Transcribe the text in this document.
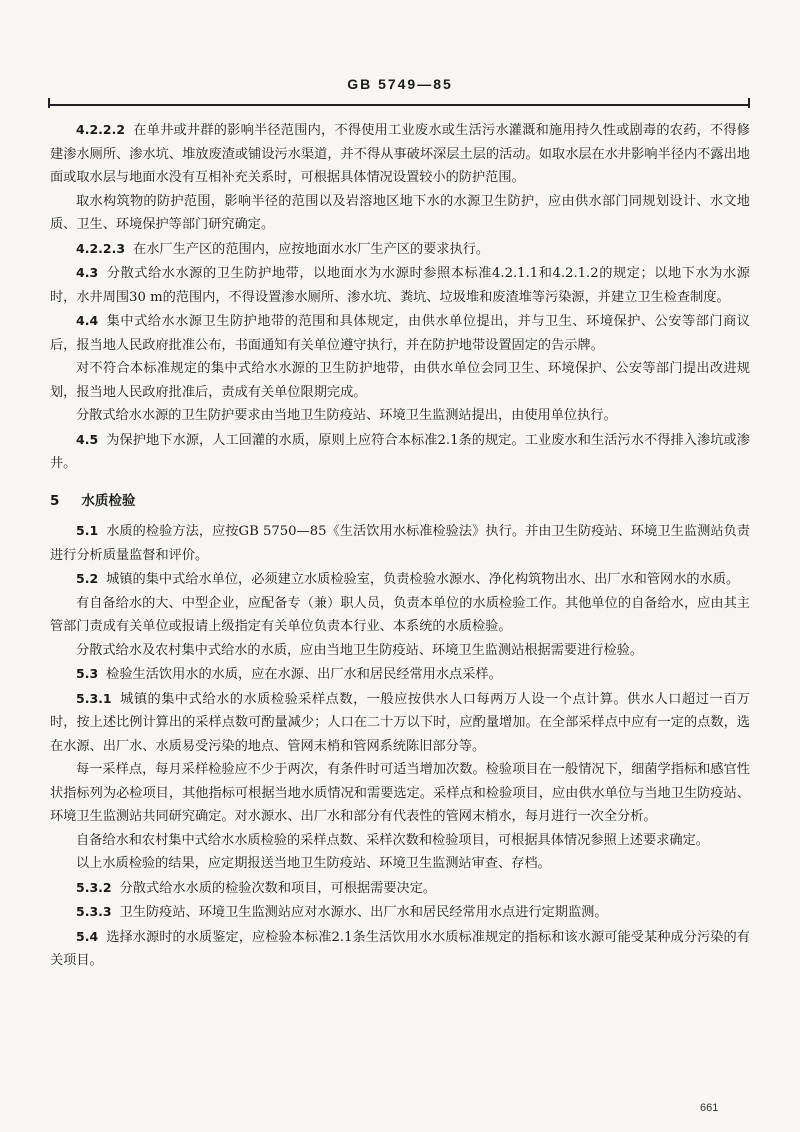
GB 5749—85

4.2.2.2 在单井或井群的影响半径范围内，不得使用工业废水或生活污水灌溉和施用持久性或剧毒的农药，不得修建渗水厕所、渗水坑、堆放废渣或铺设污水渠道，并不得从事破坏深层土层的活动。如取水层在水井影响半径内不露出地面或取水层与地面水没有互相补充关系时，可根据具体情况设置较小的防护范围。

取水构筑物的防护范围，影响半径的范围以及岩溶地区地下水的水源卫生防护，应由供水部门同规划设计、水文地质、卫生、环境保护等部门研究确定。

4.2.2.3 在水厂生产区的范围内，应按地面水水厂生产区的要求执行。

4.3 分散式给水水源的卫生防护地带，以地面水为水源时参照本标准4.2.1.1和4.2.1.2的规定；以地下水为水源时，水井周围30 m的范围内，不得设置渗水厕所、渗水坑、粪坑、垃圾堆和废渣堆等污染源，并建立卫生检查制度。

4.4 集中式给水水源卫生防护地带的范围和具体规定，由供水单位提出，并与卫生、环境保护、公安等部门商议后，报当地人民政府批准公布，书面通知有关单位遵守执行，并在防护地带设置固定的告示牌。

对不符合本标准规定的集中式给水水源的卫生防护地带，由供水单位会同卫生、环境保护、公安等部门提出改进规划，报当地人民政府批准后，责成有关单位限期完成。

分散式给水水源的卫生防护要求由当地卫生防疫站、环境卫生监测站提出，由使用单位执行。

4.5 为保护地下水源，人工回灌的水质，原则上应符合本标准2.1条的规定。工业废水和生活污水不得排入渗坑或渗井。

5 水质检验

5.1 水质的检验方法，应按GB 5750—85《生活饮用水标准检验法》执行。并由卫生防疫站、环境卫生监测站负责进行分析质量监督和评价。

5.2 城镇的集中式给水单位，必须建立水质检验室，负责检验水源水、净化构筑物出水、出厂水和管网水的水质。

有自备给水的大、中型企业，应配备专（兼）职人员，负责本单位的水质检验工作。其他单位的自备给水，应由其主管部门责成有关单位或报请上级指定有关单位负责本行业、本系统的水质检验。

分散式给水及农村集中式给水的水质，应由当地卫生防疫站、环境卫生监测站根据需要进行检验。

5.3 检验生活饮用水的水质，应在水源、出厂水和居民经常用水点采样。

5.3.1 城镇的集中式给水的水质检验采样点数，一般应按供水人口每两万人设一个点计算。供水人口超过一百万时，按上述比例计算出的采样点数可酌量减少；人口在二十万以下时，应酌量增加。在全部采样点中应有一定的点数，选在水源、出厂水、水质易受污染的地点、管网末梢和管网系统陈旧部分等。

每一采样点，每月采样检验应不少于两次，有条件时可适当增加次数。检验项目在一般情况下，细菌学指标和感官性状指标列为必检项目，其他指标可根据当地水质情况和需要选定。采样点和检验项目，应由供水单位与当地卫生防疫站、环境卫生监测站共同研究确定。对水源水、出厂水和部分有代表性的管网末梢水，每月进行一次全分析。

自备给水和农村集中式给水水质检验的采样点数、采样次数和检验项目，可根据具体情况参照上述要求确定。

以上水质检验的结果，应定期报送当地卫生防疫站、环境卫生监测站审查、存档。

5.3.2 分散式给水水质的检验次数和项目，可根据需要决定。

5.3.3 卫生防疫站、环境卫生监测站应对水源水、出厂水和居民经常用水点进行定期监测。

5.4 选择水源时的水质鉴定，应检验本标准2.1条生活饮用水水质标准规定的指标和该水源可能受某种成分污染的有关项目。

661
